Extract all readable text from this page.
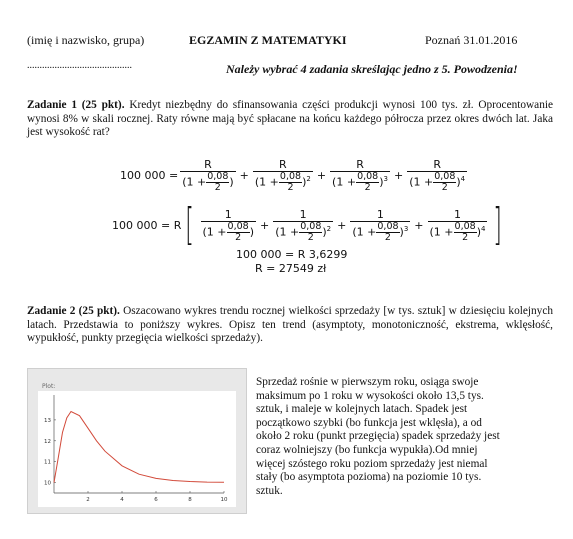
(imię i nazwisko, grupa)	EGZAMIN Z MATEMATYKI	Poznań 31.01.2016
..........................................	Należy wybrać 4 zadania skreślając jedno z 5. Powodzenia!
Zadanie 1 (25 pkt). Kredyt niezbędny do sfinansowania części produkcji wynosi 100 tys. zł. Oprocentowanie wynosi 8% w skali rocznej. Raty równe mają być spłacane na końcu każdego półrocza przez okres dwóch lat. Jaka jest wysokość rat?
100 $000 = \frac{R}{(1 + \frac{0,08}{2} )} + \frac{R}{(1 + \frac{0,08}{2} )^2} + \frac{R}{(1 + \frac{0,08}{2} )^3} + \frac{R}{(1 + \frac{0,08}{2} )^4}$
100 000 = R [ $\frac{1}{(1 + \frac{0,08}{2} )} + \frac{1}{(1 + \frac{0,08}{2} )^2} + \frac{1}{(1 + \frac{0,08}{2} )^3} + \frac{1}{(1 + \frac{0,08}{2} )^4}$ ]
100 000 = R 3,6299
R = 27549 zł
Zadanie 2 (25 pkt). Oszacowano wykres trendu rocznej wielkości sprzedaży [w tys. sztuk] w dziesięciu kolejnych latach. Przedstawia to poniższy wykres. Opisz ten trend (asymptoty, monotoniczność, ekstrema, wklęsłość, wypukłość, punkty przegięcia wielkości sprzedaży).
Plot:
2	4	6	8	10
10
11
12
13
Sprzedaż rośnie w pierwszym roku, osiąga swoje maksimum po 1 roku w wysokości około 13,5 tys. sztuk, i maleje w kolejnych latach. Spadek jest początkowo szybki (bo funkcja jest wklęsła), a od około 2 roku (punkt przegięcia) spadek sprzedaży jest coraz wolniejszy (bo funkcja wypukła).Od mniej więcej szóstego roku poziom sprzedaży jest niemal stały (bo asymptota pozioma) na poziomie 10 tys. sztuk.
